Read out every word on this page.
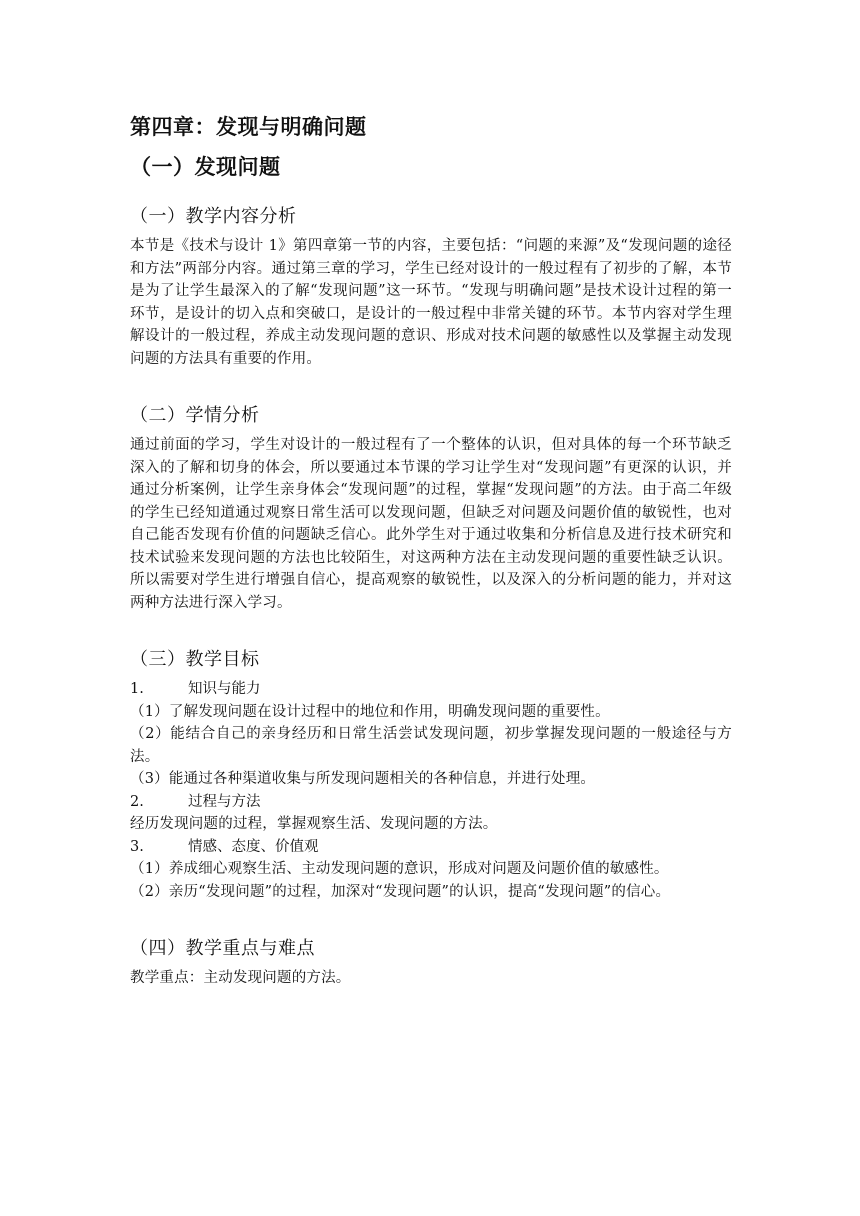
第四章：发现与明确问题
（一）发现问题
（一）教学内容分析

本节是《技术与设计 1》第四章第一节的内容，主要包括：“问题的来源”及“发现问题的途径和方法”两部分内容。通过第三章的学习，学生已经对设计的一般过程有了初步的了解，本节是为了让学生最深入的了解“发现问题”这一环节。“发现与明确问题”是技术设计过程的第一环节，是设计的切入点和突破口，是设计的一般过程中非常关键的环节。本节内容对学生理解设计的一般过程，养成主动发现问题的意识、形成对技术问题的敏感性以及掌握主动发现问题的方法具有重要的作用。

（二）学情分析

通过前面的学习，学生对设计的一般过程有了一个整体的认识，但对具体的每一个环节缺乏深入的了解和切身的体会，所以要通过本节课的学习让学生对“发现问题”有更深的认识，并通过分析案例，让学生亲身体会“发现问题”的过程，掌握“发现问题”的方法。由于高二年级的学生已经知道通过观察日常生活可以发现问题，但缺乏对问题及问题价值的敏锐性，也对自己能否发现有价值的问题缺乏信心。此外学生对于通过收集和分析信息及进行技术研究和技术试验来发现问题的方法也比较陌生，对这两种方法在主动发现问题的重要性缺乏认识。所以需要对学生进行增强自信心，提高观察的敏锐性，以及深入的分析问题的能力，并对这两种方法进行深入学习。

（三）教学目标
1.	知识与能力

（1）了解发现问题在设计过程中的地位和作用，明确发现问题的重要性。

（2）能结合自己的亲身经历和日常生活尝试发现问题，初步掌握发现问题的一般途径与方法。

（3）能通过各种渠道收集与所发现问题相关的各种信息，并进行处理。

2.	过程与方法

经历发现问题的过程，掌握观察生活、发现问题的方法。

3.	情感、态度、价值观

（1）养成细心观察生活、主动发现问题的意识，形成对问题及问题价值的敏感性。

（2）亲历“发现问题”的过程，加深对“发现问题”的认识，提高“发现问题”的信心。

（四）教学重点与难点

教学重点：主动发现问题的方法。
